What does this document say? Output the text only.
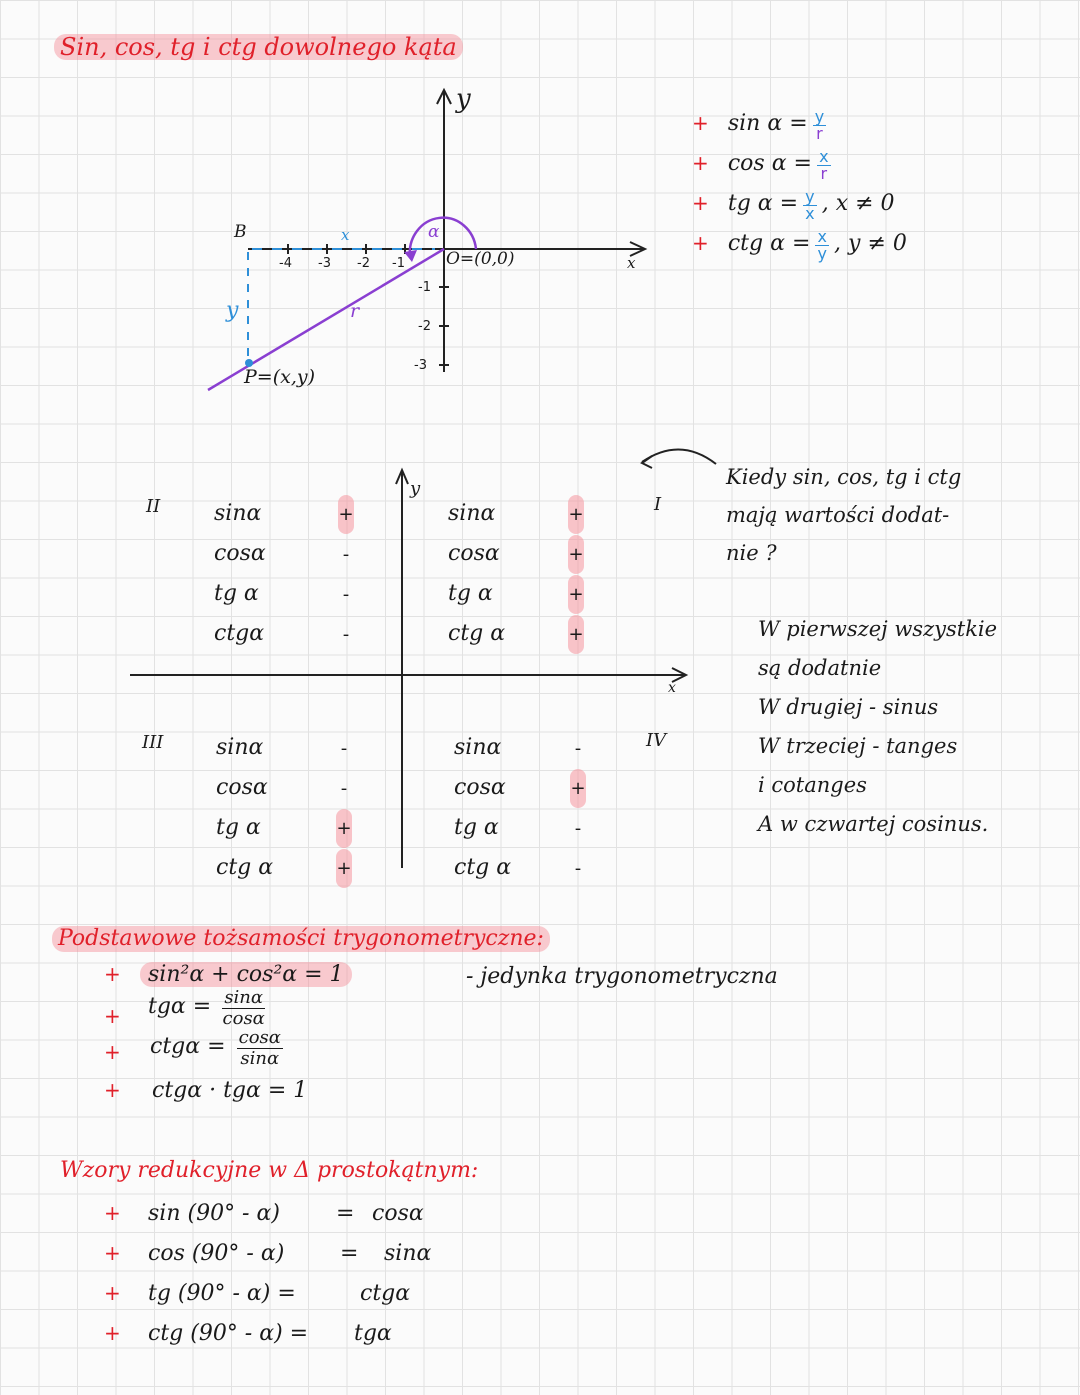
Sin, cos, tg i ctg dowolnego kąta
y
x
B
O=(0,0)
P=(x,y)
x
y	r
α
-4 -3 -2 -1
-1
-2
-3
+ $\sin \alpha = \frac{y}{r}$
+ $\cos \alpha = \frac{x}{r}$
+ tg $\alpha = \frac{y}{x}$ , x ≠ 0
+ ctg $\alpha = \frac{x}{y}$ , y ≠ 0
y
x
II	I
III	IV
sinα	+
cosα	-
tg α	-
ctgα	-
sinα	+
cosα	+
tg α	+
ctg α	+
sinα	-
cosα	-
tg α	+
ctg α	+
sinα	-
cosα	+
tg α	-
ctg α	-
Kiedy sin, cos, tg i ctg
mają wartości dodat-
nie ?
W pierwszej wszystkie
są dodatnie
W drugiej - sinus
W trzeciej - tanges
i cotanges
A w czwartej cosinus.
Podstawowe tożsamości trygonometryczne:
+	sin²α + cos²α = 1	- jedynka trygonometryczna
+ $tg\alpha = \frac{\sin\alpha}{\cos\alpha}$
+ $ctg\alpha = \frac{\cos\alpha}{\sin\alpha}$
+ ctgα · tgα = 1
Wzory redukcyjne w Δ prostokątnym:
+ sin (90° - α)	= cosα
+ cos (90° - α)	= sinα
+ tg (90° - α) =	ctgα
+ ctg (90° - α) = tgα
